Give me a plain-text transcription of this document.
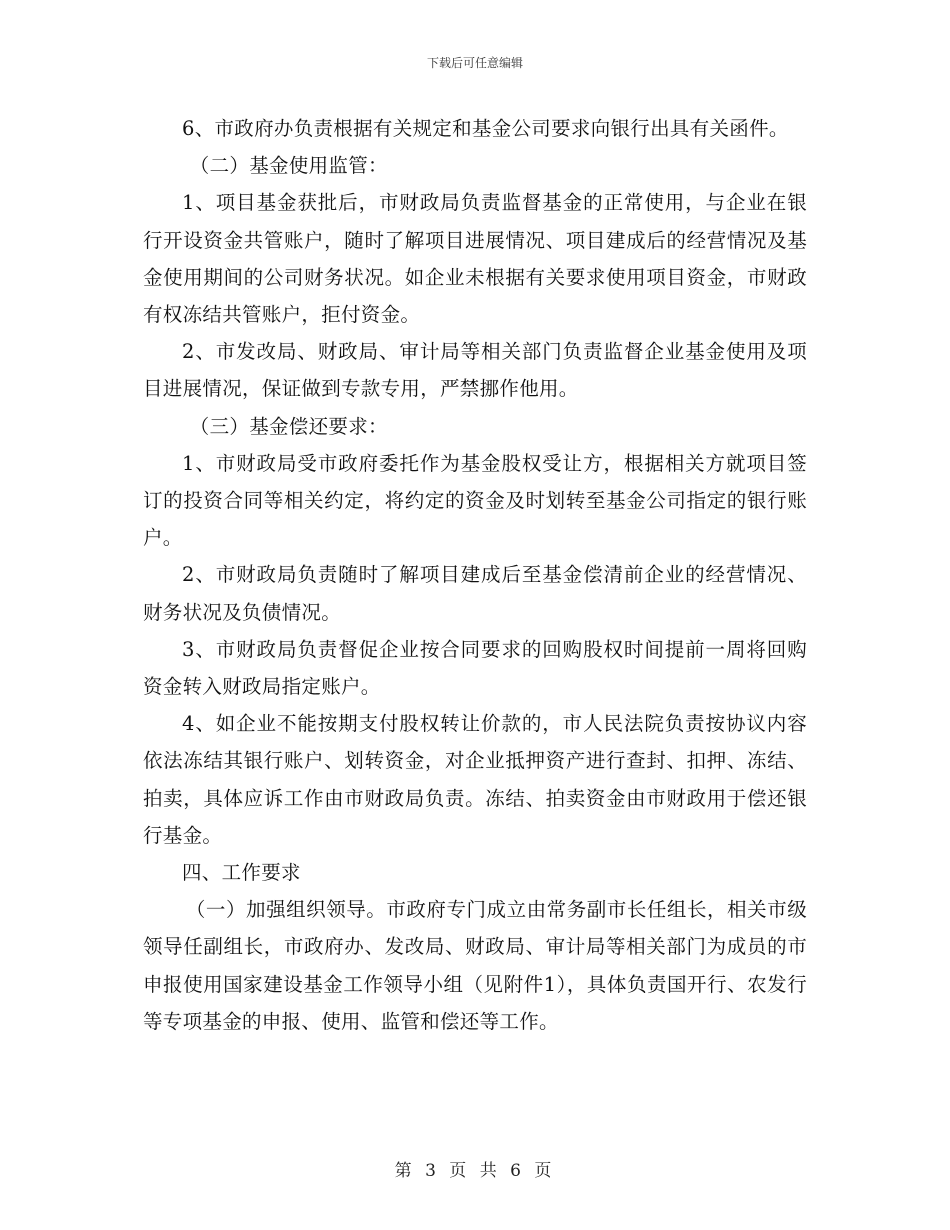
下载后可任意编辑

6、市政府办负责根据有关规定和基金公司要求向银行出具有关函件。

（二）基金使用监管：

1、项目基金获批后，市财政局负责监督基金的正常使用，与企业在银行开设资金共管账户，随时了解项目进展情况、项目建成后的经营情况及基金使用期间的公司财务状况。如企业未根据有关要求使用项目资金，市财政有权冻结共管账户，拒付资金。

2、市发改局、财政局、审计局等相关部门负责监督企业基金使用及项目进展情况，保证做到专款专用，严禁挪作他用。

（三）基金偿还要求：

1、市财政局受市政府委托作为基金股权受让方，根据相关方就项目签订的投资合同等相关约定，将约定的资金及时划转至基金公司指定的银行账户。

2、市财政局负责随时了解项目建成后至基金偿清前企业的经营情况、财务状况及负债情况。

3、市财政局负责督促企业按合同要求的回购股权时间提前一周将回购资金转入财政局指定账户。

4、如企业不能按期支付股权转让价款的，市人民法院负责按协议内容依法冻结其银行账户、划转资金，对企业抵押资产进行查封、扣押、冻结、拍卖，具体应诉工作由市财政局负责。冻结、拍卖资金由市财政用于偿还银行基金。

四、工作要求

（一）加强组织领导。市政府专门成立由常务副市长任组长，相关市级领导任副组长，市政府办、发改局、财政局、审计局等相关部门为成员的市申报使用国家建设基金工作领导小组（见附件1），具体负责国开行、农发行等专项基金的申报、使用、监管和偿还等工作。

第 3 页 共 6 页
